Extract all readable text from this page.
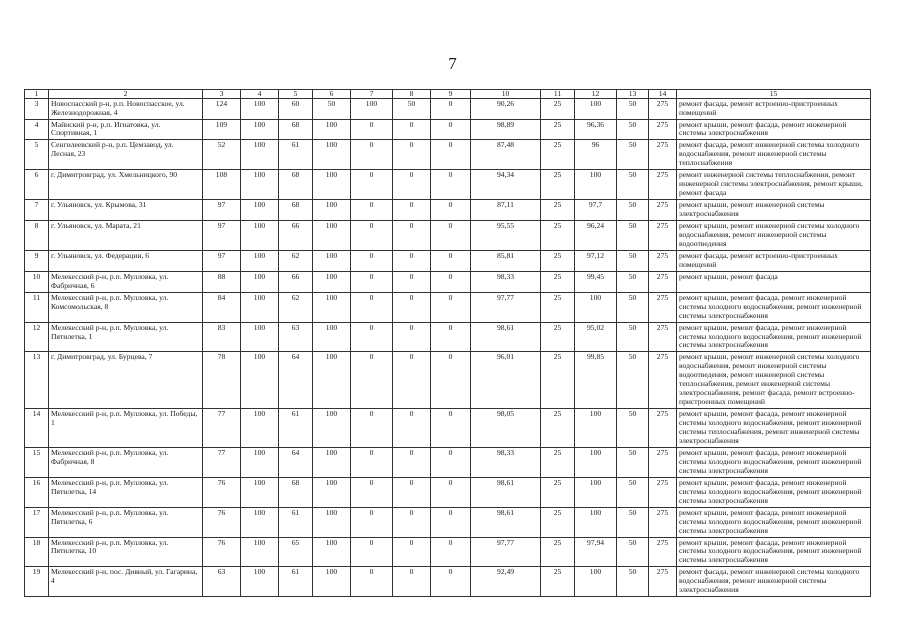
7
1	2	3	4	5	6	7	8	9	10	11	12	13	14	15
3	Новоспасский р-н, р.п. Новоспасское, ул. Железнодорожная, 4	124	100	60	50	100	50	0	90,26	25	100	50	275	ремонт фасада, ремонт встроенно-пристроенных помещений
4	Майнский р-н, р.п. Игнатовка, ул. Спортивная, 1	109	100	68	100	0	0	0	98,89	25	96,36	50	275	ремонт крыши, ремонт фасада, ремонт инженерной системы электроснабжения
5	Сенгилеевский р-н, р.п. Цемзавод, ул. Лесная, 23	52	100	61	100	0	0	0	87,48	25	96	50	275	ремонт фасада, ремонт инженерной системы холодного водоснабжения, ремонт инженерной системы теплоснабжения
6	г. Димитровград, ул. Хмельницкого, 90	108	100	68	100	0	0	0	94,34	25	100	50	275	ремонт инженерной системы теплоснабжения, ремонт инженерной системы электроснабжения, ремонт крыши, ремонт фасада
7	г. Ульяновск, ул. Крымова, 31	97	100	68	100	0	0	0	87,11	25	97,7	50	275	ремонт крыши, ремонт инженерной системы электроснабжения
8	г. Ульяновск, ул. Марата, 21	97	100	66	100	0	0	0	95,55	25	96,24	50	275	ремонт крыши, ремонт инженерной системы холодного водоснабжения, ремонт инженерной системы водоотведения
9	г. Ульяновск, ул. Федерации, 6	97	100	62	100	0	0	0	85,81	25	97,12	50	275	ремонт фасада, ремонт встроенно-пристроенных помещений
10	Мелекесский р-н, р.п. Мулловка, ул. Фабричная, 6	88	100	66	100	0	0	0	98,33	25	99,45	50	275	ремонт крыши, ремонт фасада
11	Мелекесский р-н, р.п. Мулловка, ул. Комсомольская, 8	84	100	62	100	0	0	0	97,77	25	100	50	275	ремонт крыши, ремонт фасада, ремонт инженерной системы холодного водоснабжения, ремонт инженерной системы электроснабжения
12	Мелекесский р-н, р.п. Мулловка, ул. Пятилетка, 1	83	100	63	100	0	0	0	98,61	25	95,02	50	275	ремонт крыши, ремонт фасада, ремонт инженерной системы холодного водоснабжения, ремонт инженерной системы электроснабжения
13	г. Димитровград, ул. Бурцева, 7	78	100	64	100	0	0	0	96,01	25	99,85	50	275	ремонт крыши, ремонт инженерной системы холодного водоснабжения, ремонт инженерной системы водоотведения, ремонт инженерной системы теплоснабжения, ремонт инженерной системы электроснабжения, ремонт фасада, ремонт встроенно-пристроенных помещений
14	Мелекесский р-н, р.п. Мулловка, ул. Победы, 1	77	100	61	100	0	0	0	98,05	25	100	50	275	ремонт крыши, ремонт фасада, ремонт инженерной системы холодного водоснабжения, ремонт инженерной системы теплоснабжения, ремонт инженерной системы электроснабжения
15	Мелекесский р-н, р.п. Мулловка, ул. Фабричная, 8	77	100	64	100	0	0	0	98,33	25	100	50	275	ремонт крыши, ремонт фасада, ремонт инженерной системы холодного водоснабжения, ремонт инженерной системы электроснабжения
16	Мелекесский р-н, р.п. Мулловка, ул. Пятилетка, 14	76	100	68	100	0	0	0	98,61	25	100	50	275	ремонт крыши, ремонт фасада, ремонт инженерной системы холодного водоснабжения, ремонт инженерной системы электроснабжения
17	Мелекесский р-н, р.п. Мулловка, ул. Пятилетка, 6	76	100	61	100	0	0	0	98,61	25	100	50	275	ремонт крыши, ремонт фасада, ремонт инженерной системы холодного водоснабжения, ремонт инженерной системы электроснабжения
18	Мелекесский р-н, р.п. Мулловка, ул. Пятилетка, 10	76	100	65	100	0	0	0	97,77	25	97,94	50	275	ремонт крыши, ремонт фасада, ремонт инженерной системы холодного водоснабжения, ремонт инженерной системы электроснабжения
19	Мелекесский р-н, пос. Дивный, ул. Гагарина, 4	63	100	61	100	0	0	0	92,49	25	100	50	275	ремонт фасада, ремонт инженерной системы холодного водоснабжения, ремонт инженерной системы электроснабжения
